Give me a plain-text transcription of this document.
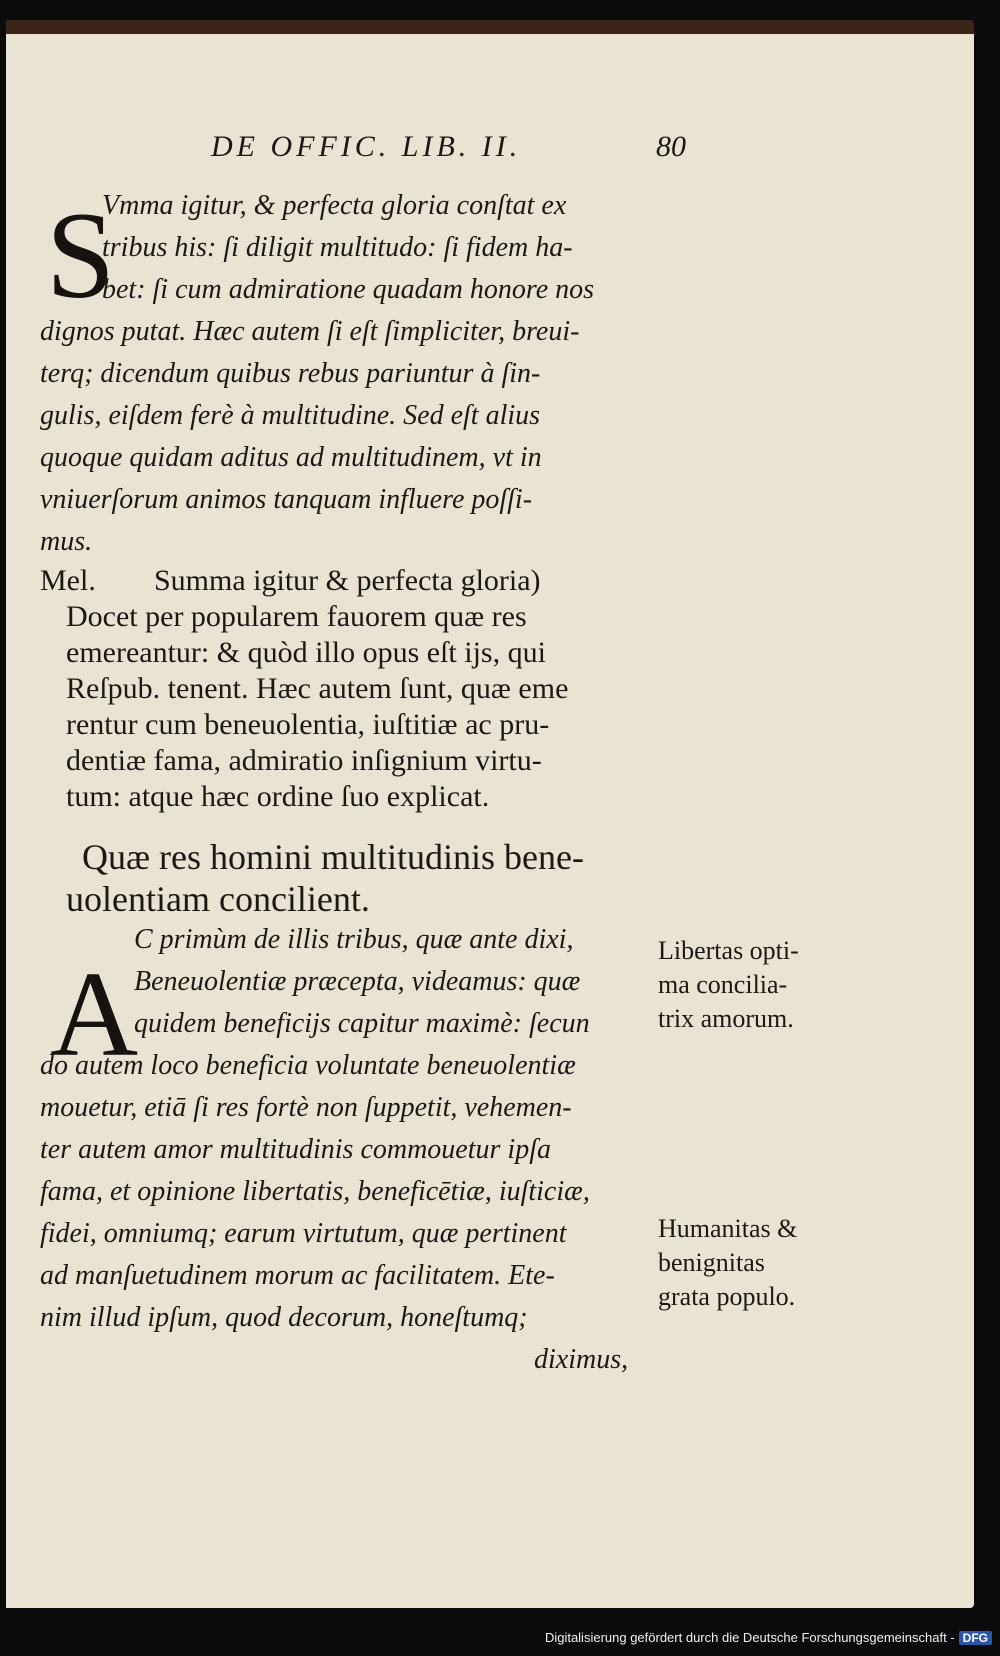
DE OFFIC. LIB. II.	80
S
Vmma igitur, & perfecta gloria conſtat ex
tribus his: ſi diligit multitudo: ſi fidem ha-
bet: ſi cum admiratione quadam honore nos
dignos putat. Hæc autem ſi eſt ſimpliciter, breui-
terq; dicendum quibus rebus pariuntur à ſin-
gulis, eiſdem ferè à multitudine. Sed eſt alius
quoque quidam aditus ad multitudinem, vt in
vniuerſorum animos tanquam influere poſſi-
mus.
Mel. Summa igitur & perfecta gloria)
Docet per popularem fauorem quæ res
emereantur: & quòd illo opus eſt ijs, qui
Reſpub. tenent. Hæc autem ſunt, quæ eme
rentur cum beneuolentia, iuſtitiæ ac pru-
dentiæ fama, admiratio inſignium virtu-
tum: atque hæc ordine ſuo explicat.
Quæ res homini multitudinis bene-
uolentiam concilient.
A
C primùm de illis tribus, quæ ante dixi,
Beneuolentiæ præcepta, videamus: quæ
quidem beneficijs capitur maximè: ſecun
do autem loco beneficia voluntate beneuolentiæ
mouetur, etiā ſi res fortè non ſuppetit, vehemen-
ter autem amor multitudinis commouetur ipſa
fama, et opinione libertatis, beneficētiæ, iuſticiæ,
fidei, omniumq; earum virtutum, quæ pertinent
ad manſuetudinem morum ac facilitatem. Ete-
nim illud ipſum, quod decorum, honeſtumq;
diximus,
Libertas opti-
ma concilia-
trix amorum.
Humanitas &
benignitas
grata populo.
Digitalisierung gefördert durch die Deutsche Forschungsgemeinschaft - DFG
